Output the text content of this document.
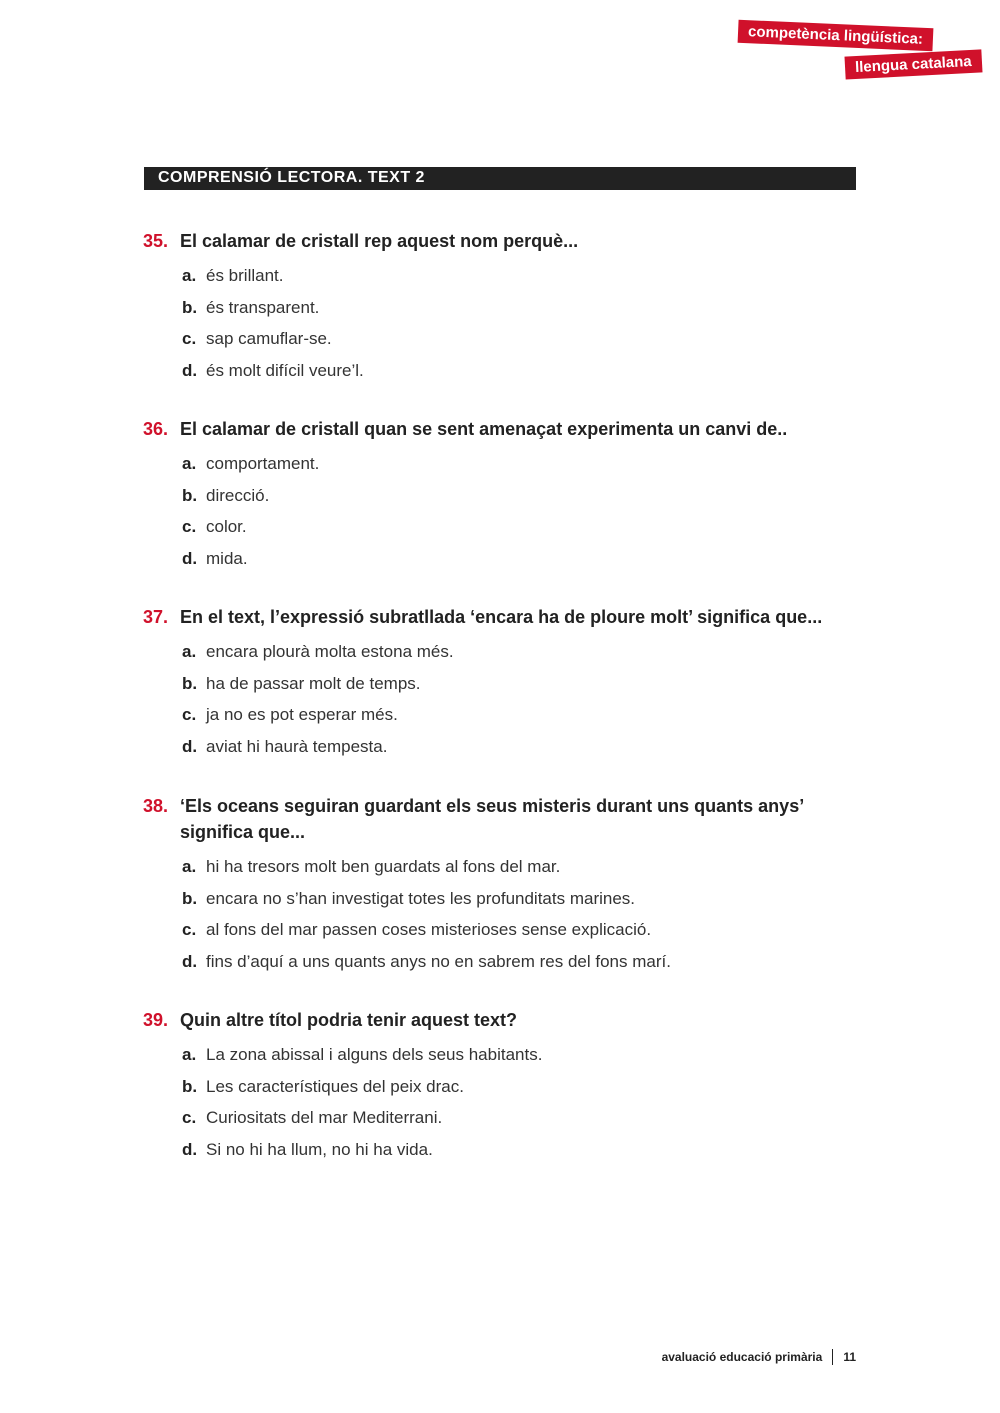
competència lingüística:
llengua catalana
COMPRENSIÓ LECTORA. TEXT 2
35. El calamar de cristall rep aquest nom perquè...
a. és brillant.
b. és transparent.
c. sap camuflar-se.
d. és molt difícil veure’l.
36. El calamar de cristall quan se sent amenaçat experimenta un canvi de..
a. comportament.
b. direcció.
c. color.
d. mida.
37. En el text, l’expressió subratllada ‘encara ha de ploure molt’ significa que...
a. encara plourà molta estona més.
b. ha de passar molt de temps.
c. ja no es pot esperar més.
d. aviat hi haurà tempesta.
38. ‘Els oceans seguiran guardant els seus misteris durant uns quants anys’ significa que...
a. hi ha tresors molt ben guardats al fons del mar.
b. encara no s’han investigat totes les profunditats marines.
c. al fons del mar passen coses misterioses sense explicació.
d. fins d’aquí a uns quants anys no en sabrem res del fons marí.
39. Quin altre títol podria tenir aquest text?
a. La zona abissal i alguns dels seus habitants.
b. Les característiques del peix drac.
c. Curiositats del mar Mediterrani.
d. Si no hi ha llum, no hi ha vida.
avaluació educació primària 11
